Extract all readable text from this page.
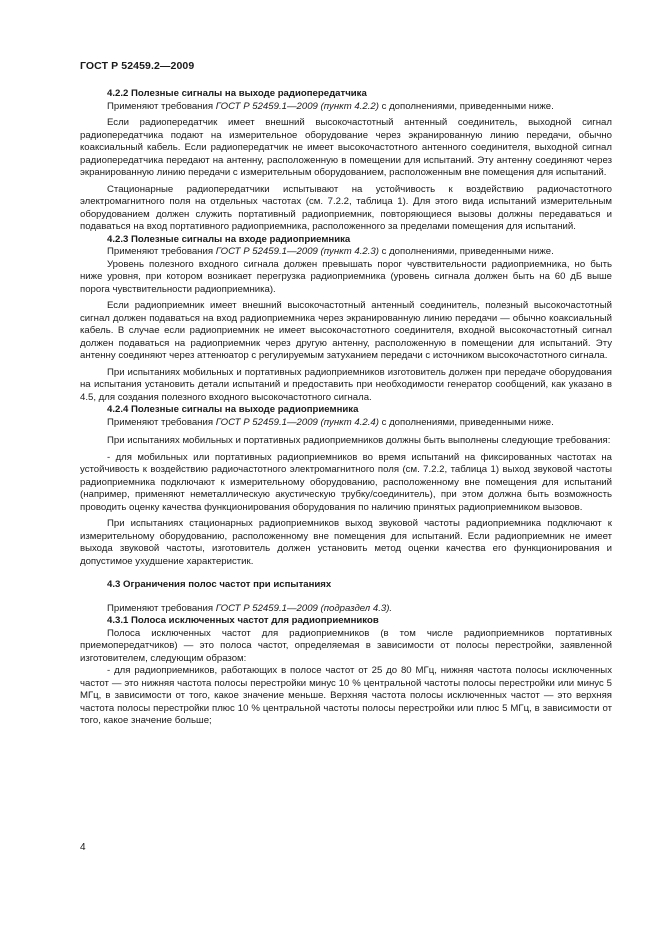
ГОСТ Р 52459.2—2009

4.2.2 Полезные сигналы на выходе радиопередатчика

Применяют требования ГОСТ Р 52459.1—2009 (пункт 4.2.2) с дополнениями, приведенными ниже.

Если радиопередатчик имеет внешний высокочастотный антенный соединитель, выходной сигнал радиопередатчика подают на измерительное оборудование через экранированную линию передачи, обычно коаксиальный кабель. Если радиопередатчик не имеет высокочастотного антенного соединителя, выходной сигнал радиопередатчика передают на антенну, расположенную в помещении для испытаний. Эту антенну соединяют через экранированную линию передачи с измерительным оборудованием, расположенным вне помещения для испытаний.

Стационарные радиопередатчики испытывают на устойчивость к воздействию радиочастотного электромагнитного поля на отдельных частотах (см. 7.2.2, таблица 1). Для этого вида испытаний измерительным оборудованием должен служить портативный радиоприемник, повторяющиеся вызовы должны передаваться и подаваться на вход портативного радиоприемника, расположенного за пределами помещения для испытаний.

4.2.3 Полезные сигналы на входе радиоприемника

Применяют требования ГОСТ Р 52459.1—2009 (пункт 4.2.3) с дополнениями, приведенными ниже.

Уровень полезного входного сигнала должен превышать порог чувствительности радиоприемника, но быть ниже уровня, при котором возникает перегрузка радиоприемника (уровень сигнала должен быть на 60 дБ выше порога чувствительности радиоприемника).

Если радиоприемник имеет внешний высокочастотный антенный соединитель, полезный высокочастотный сигнал должен подаваться на вход радиоприемника через экранированную линию передачи — обычно коаксиальный кабель. В случае если радиоприемник не имеет высокочастотного соединителя, входной высокочастотный сигнал должен подаваться на радиоприемник через другую антенну, расположенную в помещении для испытаний. Эту антенну соединяют через аттенюатор с регулируемым затуханием передачи с источником высокочастотного сигнала.

При испытаниях мобильных и портативных радиоприемников изготовитель должен при передаче оборудования на испытания установить детали испытаний и предоставить при необходимости генератор сообщений, как указано в 4.5, для создания полезного входного высокочастотного сигнала.

4.2.4 Полезные сигналы на выходе радиоприемника

Применяют требования ГОСТ Р 52459.1—2009 (пункт 4.2.4) с дополнениями, приведенными ниже.

При испытаниях мобильных и портативных радиоприемников должны быть выполнены следующие требования:

- для мобильных или портативных радиоприемников во время испытаний на фиксированных частотах на устойчивость к воздействию радиочастотного электромагнитного поля (см. 7.2.2, таблица 1) выход звуковой частоты радиоприемника подключают к измерительному оборудованию, расположенному вне помещения для испытаний (например, применяют неметаллическую акустическую трубку/соединитель), при этом должна быть возможность проводить оценку качества функционирования оборудования по наличию принятых радиоприемником вызовов.

При испытаниях стационарных радиоприемников выход звуковой частоты радиоприемника подключают к измерительному оборудованию, расположенному вне помещения для испытаний. Если радиоприемник не имеет выхода звуковой частоты, изготовитель должен установить метод оценки качества его функционирования и допустимое ухудшение характеристик.

4.3 Ограничения полос частот при испытаниях

Применяют требования ГОСТ Р 52459.1—2009 (подраздел 4.3).

4.3.1 Полоса исключенных частот для радиоприемников

Полоса исключенных частот для радиоприемников (в том числе радиоприемников портативных приемопередатчиков) — это полоса частот, определяемая в зависимости от полосы перестройки, заявленной изготовителем, следующим образом:

- для радиоприемников, работающих в полосе частот от 25 до 80 МГц, нижняя частота полосы исключенных частот — это нижняя частота полосы перестройки минус 10 % центральной частоты полосы перестройки или минус 5 МГц, в зависимости от того, какое значение меньше. Верхняя частота полосы исключенных частот — это верхняя частота полосы перестройки плюс 10 % центральной частоты полосы перестройки или плюс 5 МГц, в зависимости от того, какое значение больше;

4
